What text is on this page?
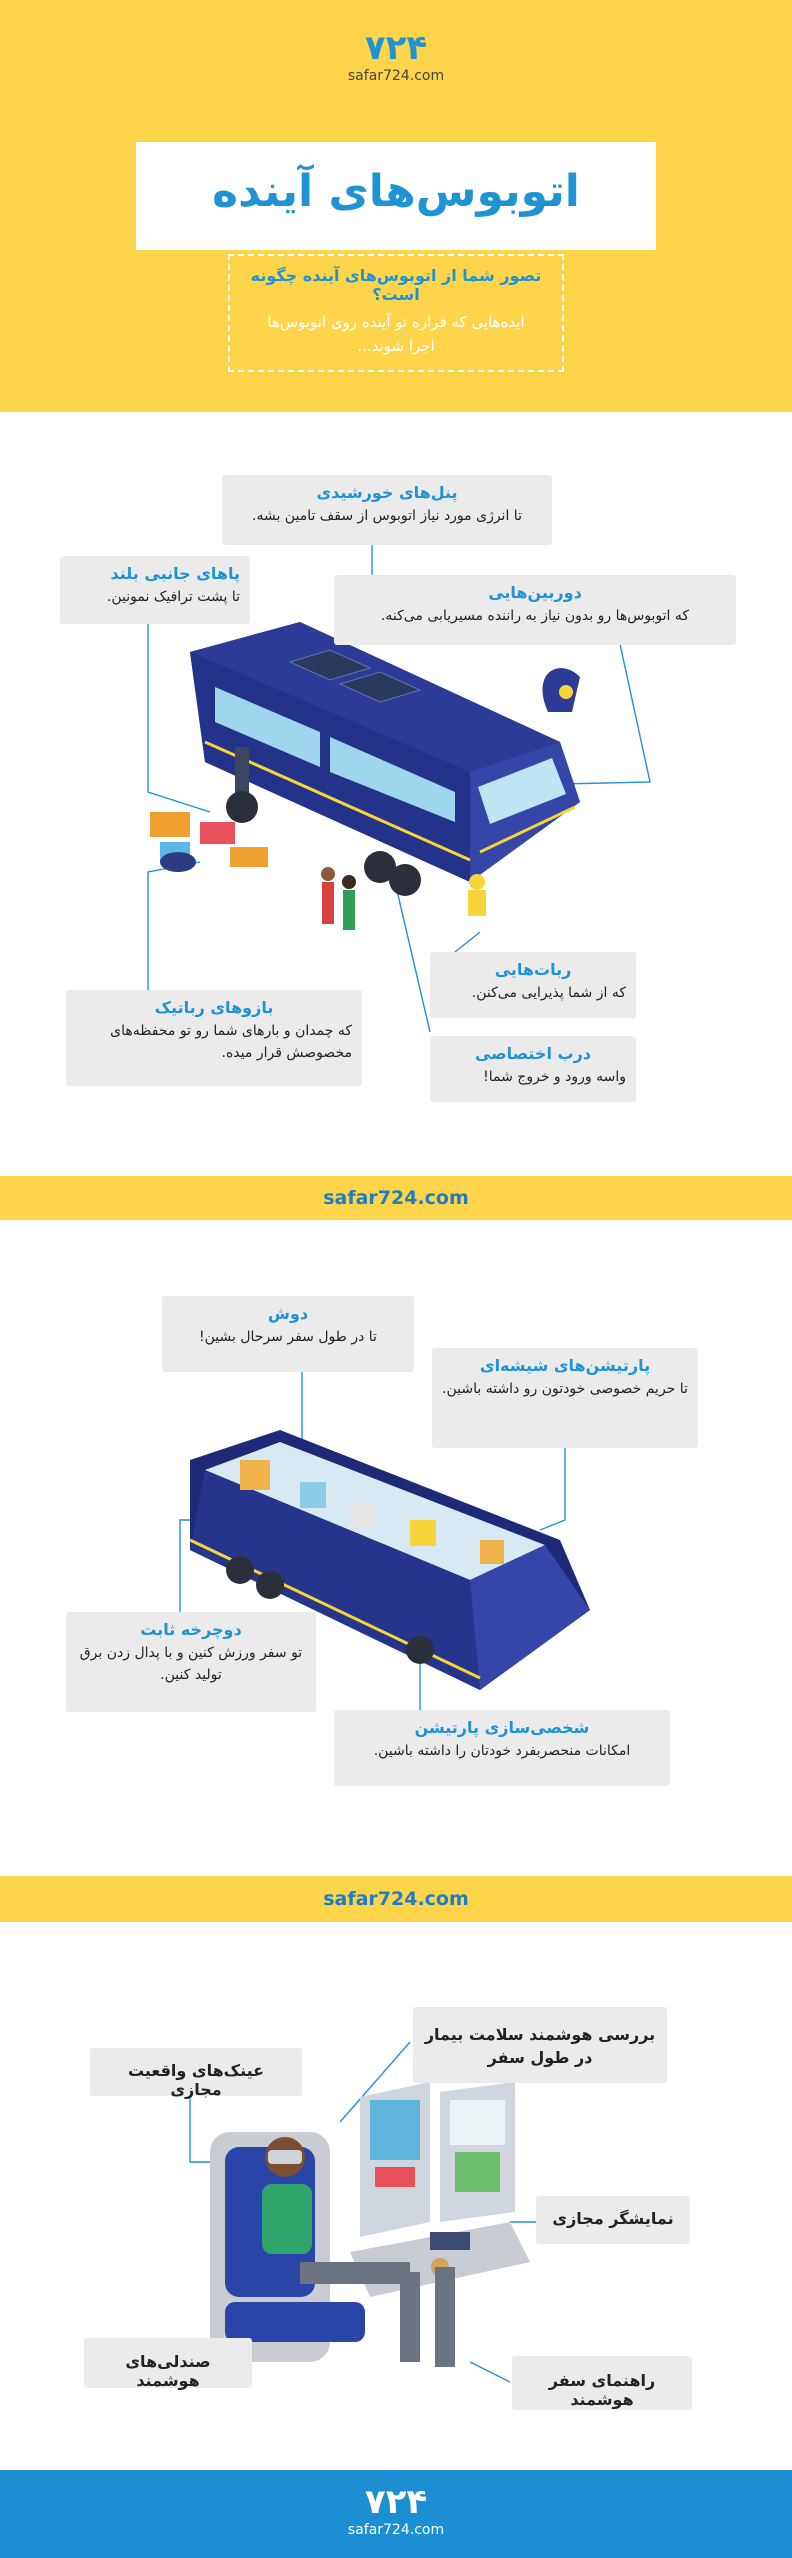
۷۲۴
safar724.com
اتوبوس‌های آینده
تصور شما از اتوبوس‌های آینده چگونه است؟
ایده‌هایی که قراره تو آینده روی اتوبوس‌ها
اجرا شوند...
پنل‌های خورشیدی

تا انرژی مورد نیاز اتوبوس از سقف تامین بشه.

پاهای جانبی بلند

تا پشت ترافیک نمونین.	دوربین‌هایی

که اتوبوس‌ها رو بدون نیاز به راننده مسیریابی می‌کنه.

بازوهای رباتیک

که چمدان و بارهای شما رو تو محفظه‌های مخصوصش قرار میده.

ربات‌هایی

که از شما پذیرایی می‌کنن.

درب اختصاصی

واسه ورود و خروج شما!

safar724.com
دوش

تا در طول سفر سرحال بشین!

پارتیشن‌های شیشه‌ای

تا حریم خصوصی خودتون رو داشته باشین.

دوچرخه ثابت

تو سفر ورزش کنین و با پدال زدن برق تولید کنین.

شخصی‌سازی پارتیشن

امکانات منحصربفرد خودتان را داشته باشین.

safar724.com
بررسی هوشمند سلامت بیمار در طول سفر
عینک‌های واقعیت مجازی
نمایشگر مجازی
صندلی‌های هوشمند	راهنمای سفر هوشمند
۷۲۴
safar724.com
